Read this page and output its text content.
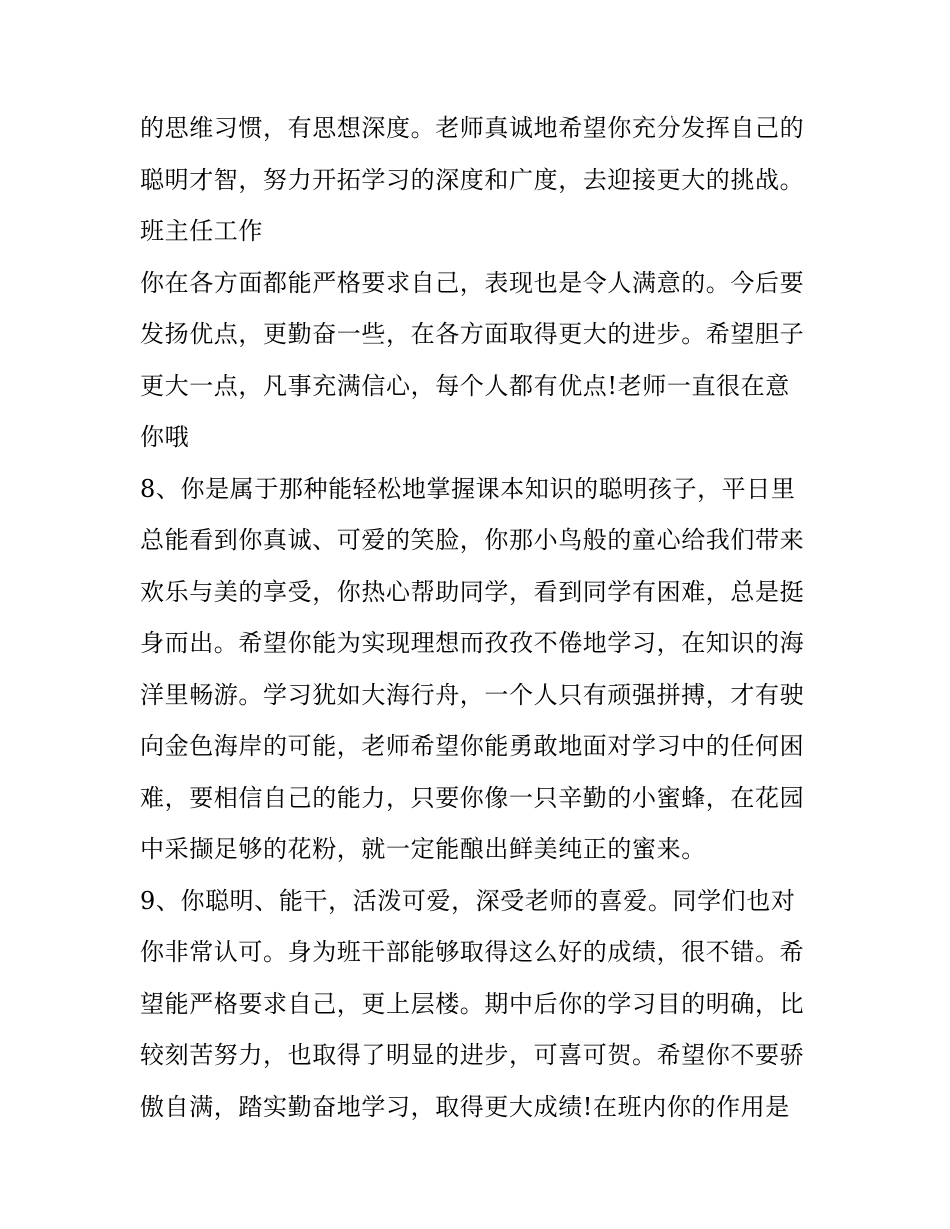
的思维习惯，有思想深度。老师真诚地希望你充分发挥自己的
聪明才智，努力开拓学习的深度和广度，去迎接更大的挑战。
班主任工作
你在各方面都能严格要求自己，表现也是令人满意的。今后要
发扬优点，更勤奋一些，在各方面取得更大的进步。希望胆子
更大一点，凡事充满信心，每个人都有优点!老师一直很在意
你哦
8、你是属于那种能轻松地掌握课本知识的聪明孩子，平日里
总能看到你真诚、可爱的笑脸，你那小鸟般的童心给我们带来
欢乐与美的享受，你热心帮助同学，看到同学有困难，总是挺
身而出。希望你能为实现理想而孜孜不倦地学习，在知识的海
洋里畅游。学习犹如大海行舟，一个人只有顽强拼搏，才有驶
向金色海岸的可能，老师希望你能勇敢地面对学习中的任何困
难，要相信自己的能力，只要你像一只辛勤的小蜜蜂，在花园
中采撷足够的花粉，就一定能酿出鲜美纯正的蜜来。
9、你聪明、能干，活泼可爱，深受老师的喜爱。同学们也对
你非常认可。身为班干部能够取得这么好的成绩，很不错。希
望能严格要求自己，更上层楼。期中后你的学习目的明确，比
较刻苦努力，也取得了明显的进步，可喜可贺。希望你不要骄
傲自满，踏实勤奋地学习，取得更大成绩!在班内你的作用是
